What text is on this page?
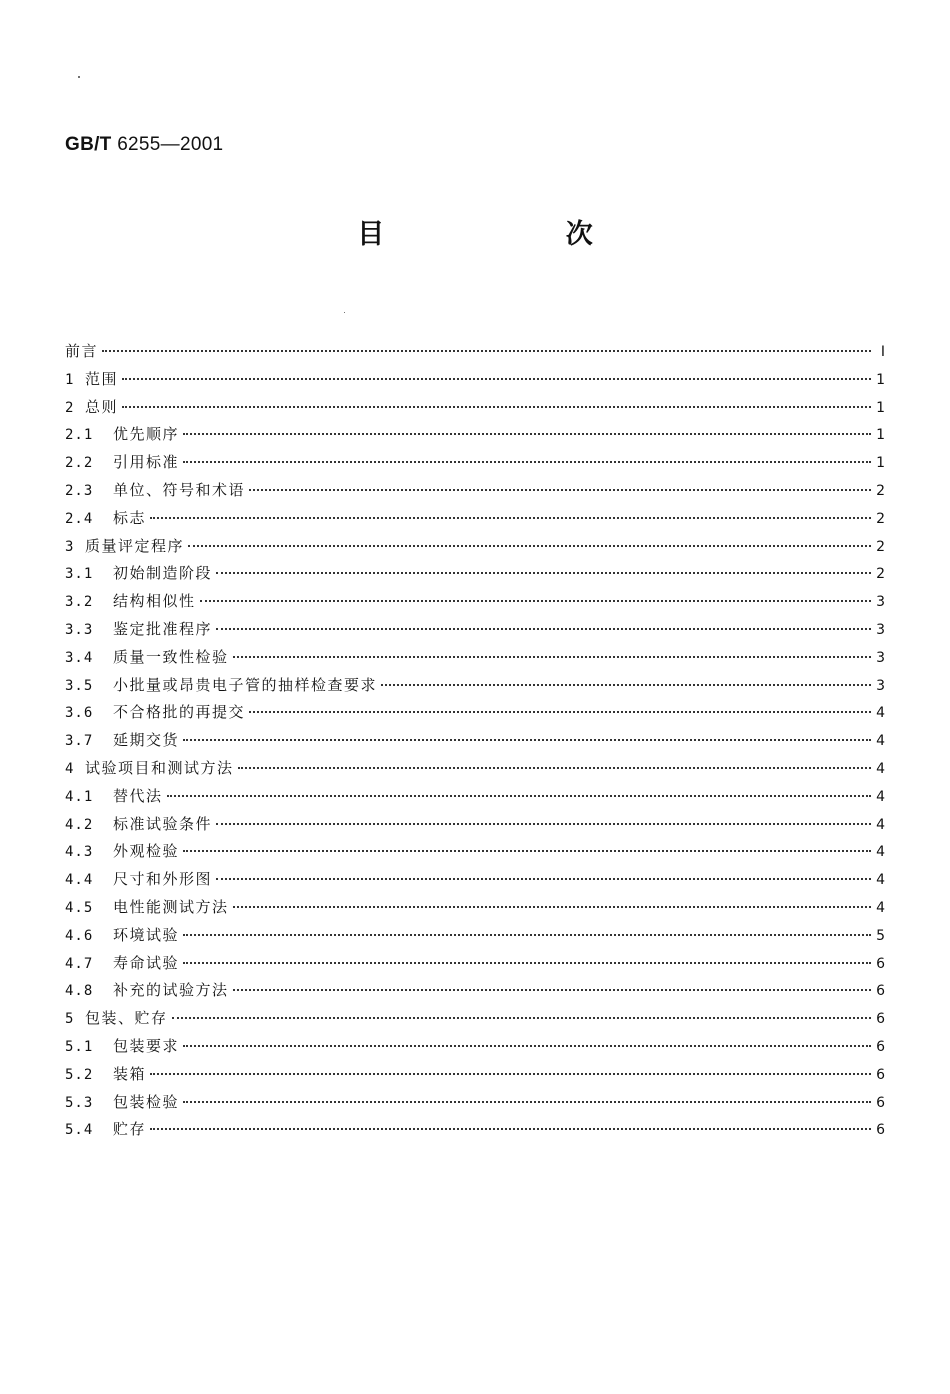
GB/T 6255—2001
目 次
前言	I
1 范围	1
2 总则	1
2.1	优先顺序	1
2.2	引用标准	1
2.3	单位、符号和术语	2
2.4	标志	2
3 质量评定程序	2
3.1	初始制造阶段	2
3.2	结构相似性	3
3.3	鉴定批准程序	3
3.4	质量一致性检验	3
3.5	小批量或昂贵电子管的抽样检查要求	3
3.6	不合格批的再提交	4
3.7	延期交货	4
4 试验项目和测试方法	4
4.1	替代法	4
4.2	标准试验条件	4
4.3	外观检验	4
4.4	尺寸和外形图	4
4.5	电性能测试方法	4
4.6	环境试验	5
4.7	寿命试验	6
4.8	补充的试验方法	6
5 包装、贮存	6
5.1	包装要求	6
5.2	装箱	6
5.3	包装检验	6
5.4	贮存	6
